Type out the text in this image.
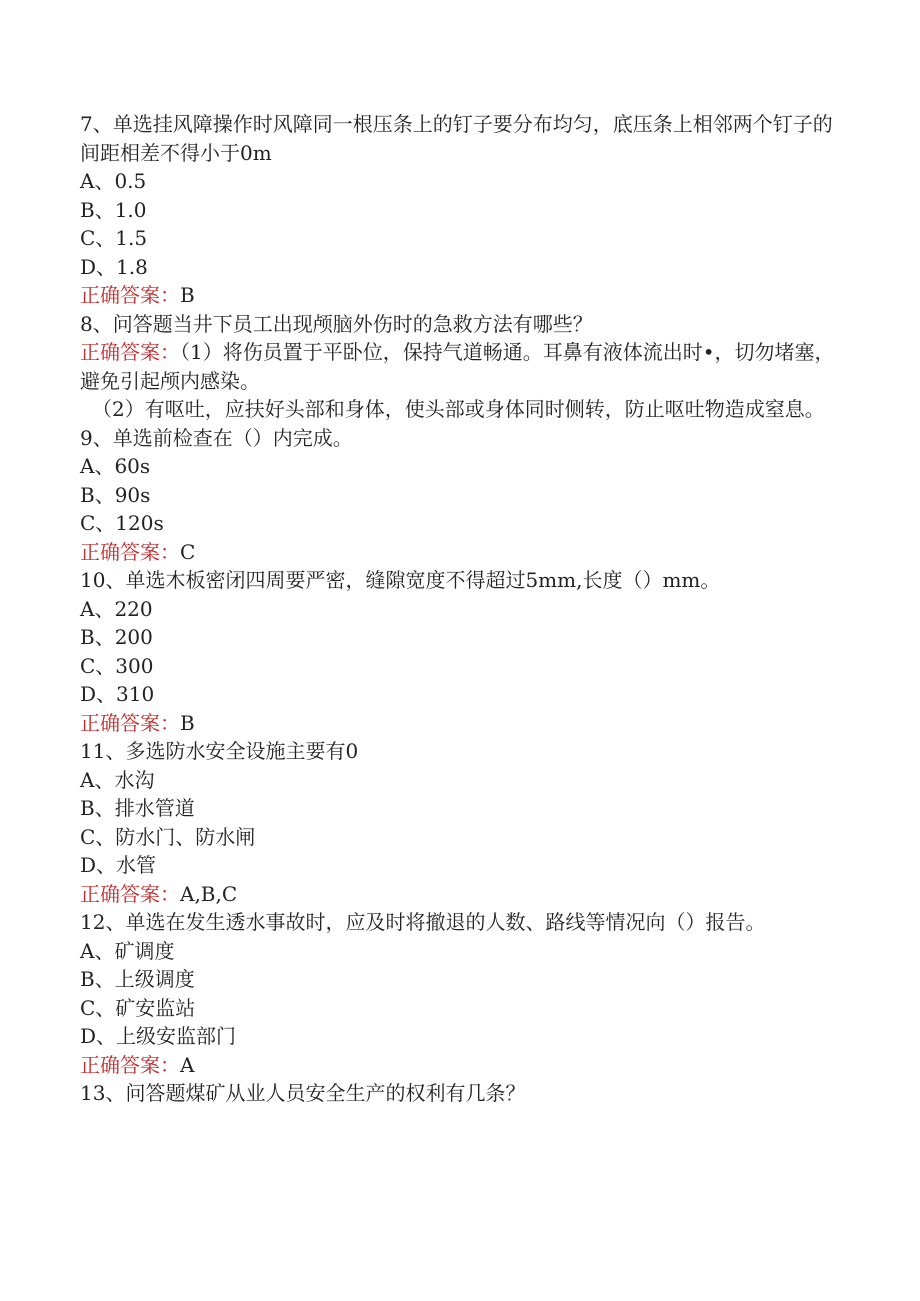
7、单选挂风障操作时风障同一根压条上的钉子要分布均匀，底压条上相邻两个钉子的间距相差不得小于0m
A、0.5
B、1.0
C、1.5
D、1.8
正确答案：B
8、问答题当井下员工出现颅脑外伤时的急救方法有哪些？
正确答案：（1）将伤员置于平卧位，保持气道畅通。耳鼻有液体流出时•，切勿堵塞，避免引起颅内感染。
（2）有呕吐，应扶好头部和身体，使头部或身体同时侧转，防止呕吐物造成窒息。
9、单选前检查在（）内完成。
A、60s
B、90s
C、120s
正确答案：C
10、单选木板密闭四周要严密，缝隙宽度不得超过5mm,长度（）mm。
A、220
B、200
C、300
D、310
正确答案：B
11、多选防水安全设施主要有0
A、水沟
B、排水管道
C、防水门、防水闸
D、水管
正确答案：A,B,C
12、单选在发生透水事故时，应及时将撤退的人数、路线等情况向（）报告。
A、矿调度
B、上级调度
C、矿安监站
D、上级安监部门
正确答案：A
13、问答题煤矿从业人员安全生产的权利有几条？
